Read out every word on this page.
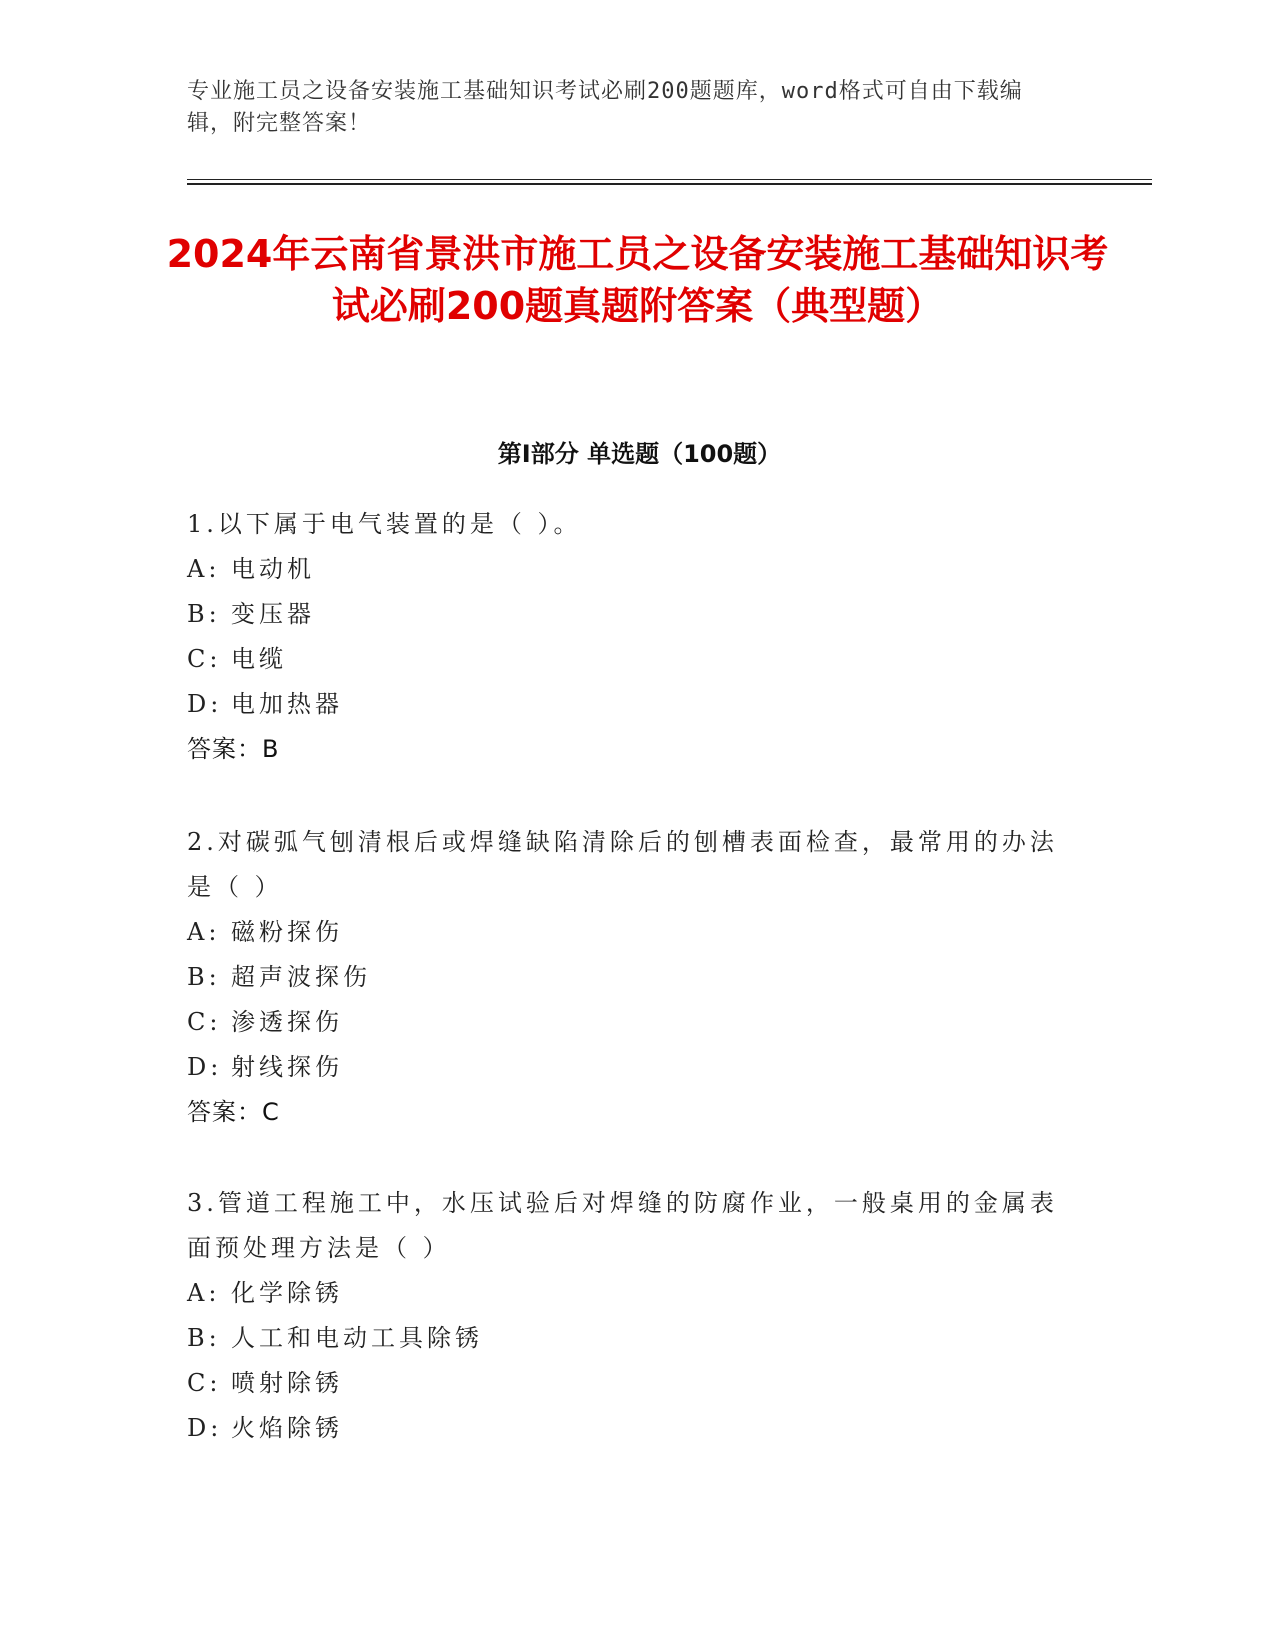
专业施工员之设备安装施工基础知识考试必刷200题题库，word格式可自由下载编辑，附完整答案！
2024年云南省景洪市施工员之设备安装施工基础知识考试必刷200题真题附答案（典型题）
第Ⅰ部分 单选题（100题）

1.以下属于电气装置的是（ ）。

A: 电动机
B: 变压器
C: 电缆
D: 电加热器
答案：B

2.对碳弧气刨清根后或焊缝缺陷清除后的刨槽表面检查，最常用的办法是（ ）

A: 磁粉探伤
B: 超声波探伤
C: 渗透探伤
D: 射线探伤
答案：C

3.管道工程施工中，水压试验后对焊缝的防腐作业，一般桌用的金属表面预处理方法是（ ）

A: 化学除锈
B: 人工和电动工具除锈
C: 喷射除锈
D: 火焰除锈
